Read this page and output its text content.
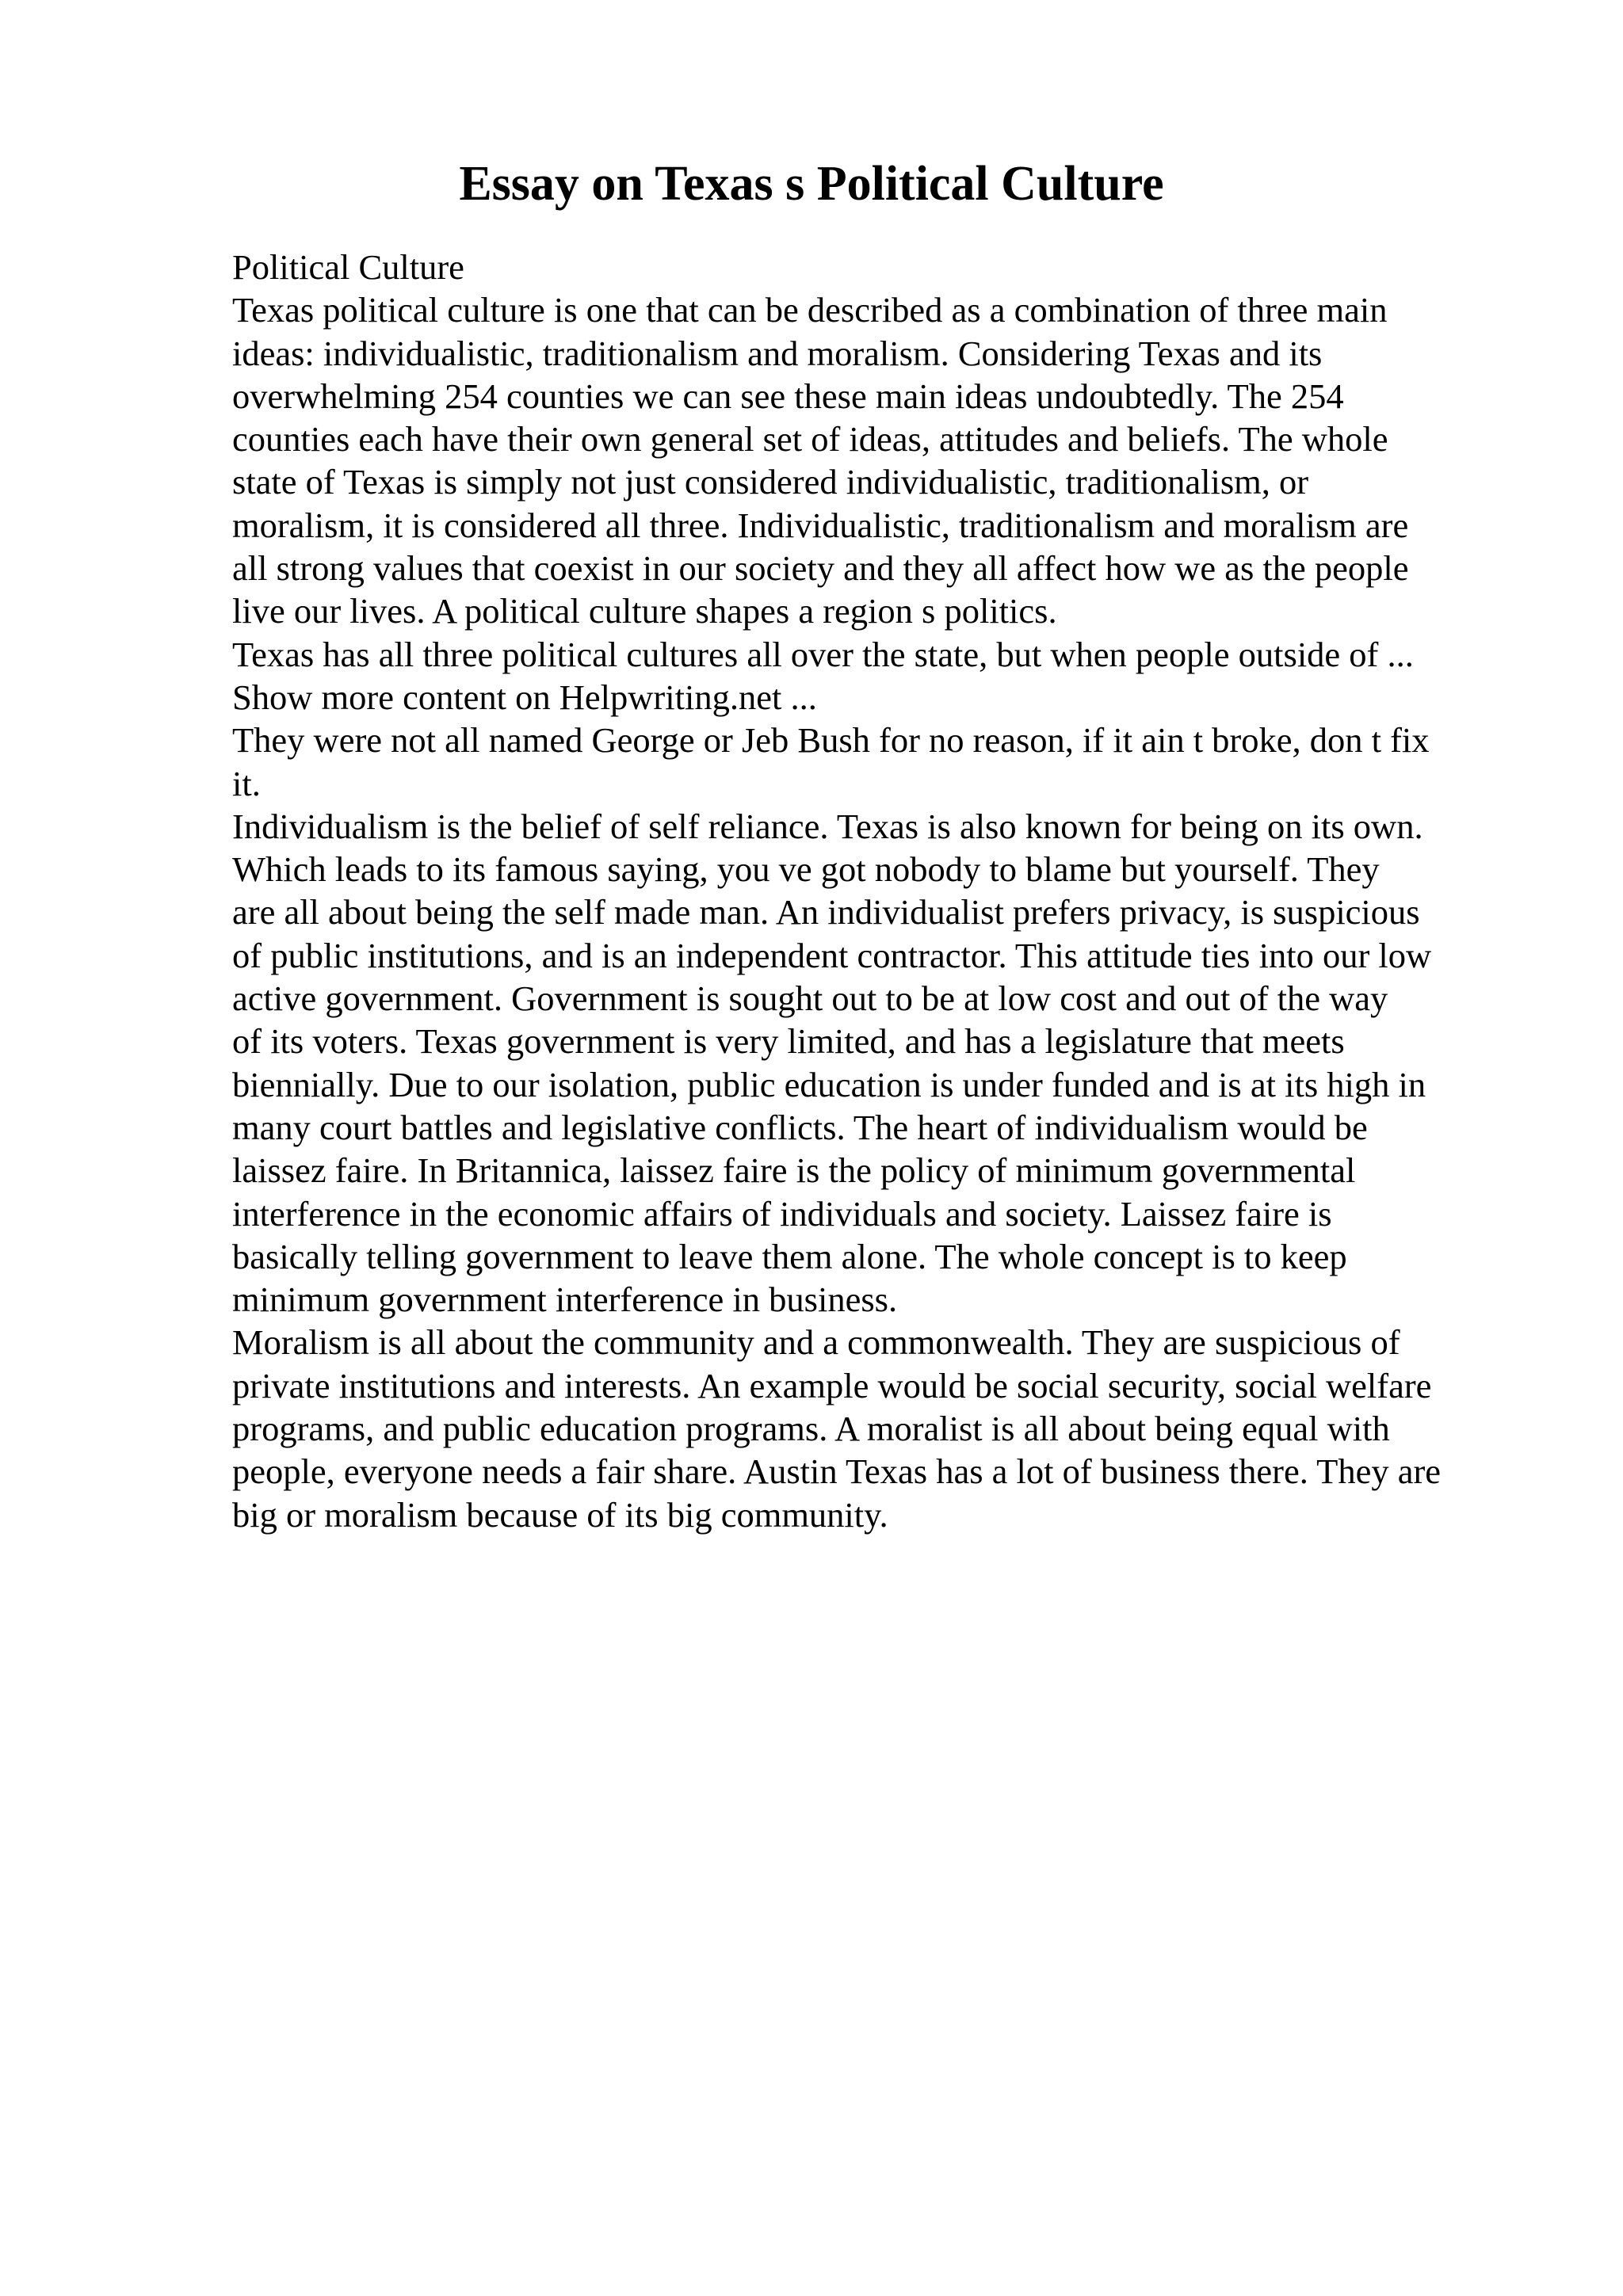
Essay on Texas s Political Culture
Political Culture
Texas political culture is one that can be described as a combination of three main
ideas: individualistic, traditionalism and moralism. Considering Texas and its
overwhelming 254 counties we can see these main ideas undoubtedly. The 254
counties each have their own general set of ideas, attitudes and beliefs. The whole
state of Texas is simply not just considered individualistic, traditionalism, or
moralism, it is considered all three. Individualistic, traditionalism and moralism are
all strong values that coexist in our society and they all affect how we as the people
live our lives. A political culture shapes a region s politics.
Texas has all three political cultures all over the state, but when people outside of ...
Show more content on Helpwriting.net ...
They were not all named George or Jeb Bush for no reason, if it ain t broke, don t fix
it.
Individualism is the belief of self reliance. Texas is also known for being on its own.
Which leads to its famous saying, you ve got nobody to blame but yourself. They
are all about being the self made man. An individualist prefers privacy, is suspicious
of public institutions, and is an independent contractor. This attitude ties into our low
active government. Government is sought out to be at low cost and out of the way
of its voters. Texas government is very limited, and has a legislature that meets
biennially. Due to our isolation, public education is under funded and is at its high in
many court battles and legislative conflicts. The heart of individualism would be
laissez faire. In Britannica, laissez faire is the policy of minimum governmental
interference in the economic affairs of individuals and society. Laissez faire is
basically telling government to leave them alone. The whole concept is to keep
minimum government interference in business.
Moralism is all about the community and a commonwealth. They are suspicious of
private institutions and interests. An example would be social security, social welfare
programs, and public education programs. A moralist is all about being equal with
people, everyone needs a fair share. Austin Texas has a lot of business there. They are
big or moralism because of its big community.
